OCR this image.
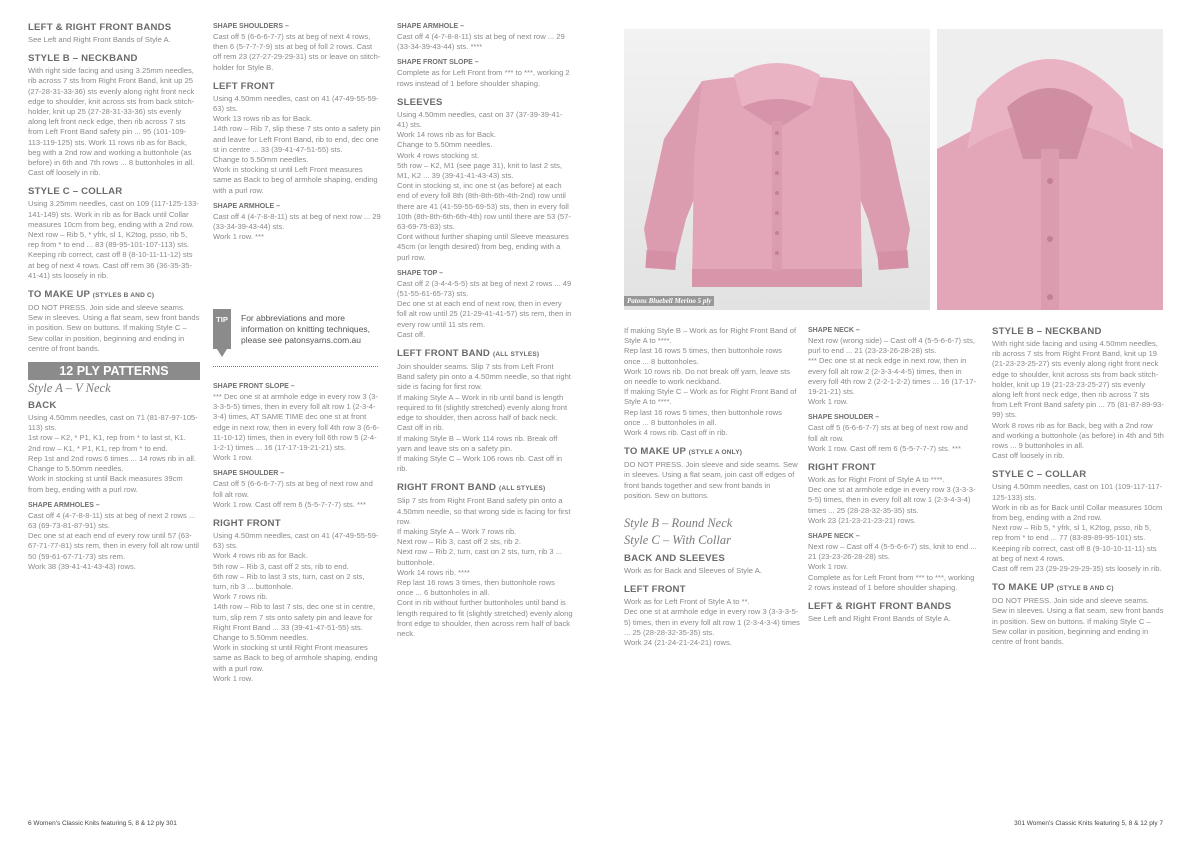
LEFT & RIGHT FRONT BANDS

See Left and Right Front Bands of Style A.

STYLE B – NECKBAND

With right side facing and using 3.25mm needles, rib across 7 sts from Right Front Band, knit up 25 (27-28-31-33-36) sts evenly along right front neck edge to shoulder, knit across sts from back stitch-holder, knit up 25 (27-28-31-33-36) sts evenly along left front neck edge, then rib across 7 sts from Left Front Band safety pin ... 95 (101-109-113-119-125) sts. Work 11 rows rib as for Back, beg with a 2nd row and working a buttonhole (as before) in 6th and 7th rows ... 8 buttonholes in all. Cast off loosely in rib.

STYLE C – COLLAR

Using 3.25mm needles, cast on 109 (117-125-133-141-149) sts. Work in rib as for Back until Collar measures 10cm from beg, ending with a 2nd row. Next row – Rib 5, * yfrk, sl 1, K2tog, psso, rib 5, rep from * to end ... 83 (89-95-101-107-113) sts. Keeping rib correct, cast off 8 (8-10-11-11-12) sts at beg of next 4 rows. Cast off rem 36 (36-35-35-41-41) sts loosely in rib.

TO MAKE UP (STYLES B AND C)

DO NOT PRESS. Join side and sleeve seams. Sew in sleeves. Using a flat seam, sew front bands in position. Sew on buttons. If making Style C – Sew collar in position, beginning and ending in centre of front bands.

12 PLY PATTERNS
Style A – V Neck
BACK

Using 4.50mm needles, cast on 71 (81-87-97-105-113) sts.
1st row – K2, * P1, K1, rep from * to last st, K1.
2nd row – K1, * P1, K1, rep from * to end.
Rep 1st and 2nd rows 6 times ... 14 rows rib in all.
Change to 5.50mm needles.
Work in stocking st until Back measures 39cm from beg, ending with a purl row.

SHAPE ARMHOLES –

Cast off 4 (4-7-8-8-11) sts at beg of next 2 rows ... 63 (69-73-81-87-91) sts.
Dec one st at each end of every row until 57 (63-67-71-77-81) sts rem, then in every foll alt row until 50 (59-61-67-71-73) sts rem.
Work 38 (39-41-41-43-43) rows.

SHAPE SHOULDERS –

Cast off 5 (6-6-6-7-7) sts at beg of next 4 rows, then 6 (5-7-7-7-9) sts at beg of foll 2 rows. Cast off rem 23 (27-27-29-29-31) sts or leave on stitch-holder for Style B.

LEFT FRONT

Using 4.50mm needles, cast on 41 (47-49-55-59-63) sts.
Work 13 rows rib as for Back.
14th row – Rib 7, slip these 7 sts onto a safety pin and leave for Left Front Band, rib to end, dec one st in centre ... 33 (39-41-47-51-55) sts.
Change to 5.50mm needles.
Work in stocking st until Left Front measures same as Back to beg of armhole shaping, ending with a purl row.

SHAPE ARMHOLE –

Cast off 4 (4-7-8-8-11) sts at beg of next row ... 29 (33-34-39-43-44) sts.
Work 1 row. ***

TIP	For abbreviations and more information on knitting techniques, please see patonsyarns.com.au
SHAPE FRONT SLOPE –

*** Dec one st at armhole edge in every row 3 (3-3-3-5-5) times, then in every foll alt row 1 (2-3-4-3-4) times, AT SAME TIME dec one st at front edge in next row, then in every foll 4th row 3 (6-6-11-10-12) times, then in every foll 6th row 5 (2-4-1-2-1) times ... 16 (17-17-19-21-21) sts.
Work 1 row.

SHAPE SHOULDER –

Cast off 5 (6-6-6-7-7) sts at beg of next row and foll alt row.
Work 1 row. Cast off rem 6 (5-5-7-7-7) sts. ***

RIGHT FRONT

Using 4.50mm needles, cast on 41 (47-49-55-59-63) sts.
Work 4 rows rib as for Back.
5th row – Rib 3, cast off 2 sts, rib to end.
6th row – Rib to last 3 sts, turn, cast on 2 sts, turn, rib 3 ... buttonhole.
Work 7 rows rib.
14th row – Rib to last 7 sts, dec one st in centre, turn, slip rem 7 sts onto safety pin and leave for Right Front Band ... 33 (39-41-47-51-55) sts.
Change to 5.50mm needles.
Work in stocking st until Right Front measures same as Back to beg of armhole shaping, ending with a purl row.
Work 1 row.

SHAPE ARMHOLE –

Cast off 4 (4-7-8-8-11) sts at beg of next row ... 29 (33-34-39-43-44) sts. ****

SHAPE FRONT SLOPE –

Complete as for Left Front from *** to ***, working 2 rows instead of 1 before shoulder shaping.

SLEEVES

Using 4.50mm needles, cast on 37 (37-39-39-41-41) sts.
Work 14 rows rib as for Back.
Change to 5.50mm needles.
Work 4 rows stocking st.
5th row – K2, M1 (see page 31), knit to last 2 sts, M1, K2 ... 39 (39-41-41-43-43) sts.
Cont in stocking st, inc one st (as before) at each end of every foll 8th (8th-8th-6th-4th-2nd) row until there are 41 (41-59-55-69-53) sts, then in every foll 10th (8th-8th-6th-6th-4th) row until there are 53 (57-63-69-75-83) sts.
Cont without further shaping until Sleeve measures 45cm (or length desired) from beg, ending with a purl row.

SHAPE TOP –

Cast off 2 (3-4-4-5-5) sts at beg of next 2 rows ... 49 (51-55-61-65-73) sts.
Dec one st at each end of next row, then in every foll alt row until 25 (21-29-41-41-57) sts rem, then in every row until 11 sts rem.
Cast off.

LEFT FRONT BAND (ALL STYLES)

Join shoulder seams. Slip 7 sts from Left Front Band safety pin onto a 4.50mm needle, so that right side is facing for first row.
If making Style A – Work in rib until band is length required to fit (slightly stretched) evenly along front edge to shoulder, then across half of back neck. Cast off in rib.
If making Style B – Work 114 rows rib. Break off yarn and leave sts on a safety pin.
If making Style C – Work 106 rows rib. Cast off in rib.

RIGHT FRONT BAND (ALL STYLES)

Slip 7 sts from Right Front Band safety pin onto a 4.50mm needle, so that wrong side is facing for first row.
If making Style A – Work 7 rows rib.
Next row – Rib 3, cast off 2 sts, rib 2.
Next row – Rib 2, turn, cast on 2 sts, turn, rib 3 ... buttonhole.
Work 14 rows rib. ****
Rep last 16 rows 3 times, then buttonhole rows once ... 6 buttonholes in all.
Cont in rib without further buttonholes until band is length required to fit (slightly stretched) evenly along front edge to shoulder, then across rem half of back neck.

Patons Bluebell Merino 5 ply

If making Style B – Work as for Right Front Band of Style A to ****.
Rep last 16 rows 5 times, then buttonhole rows once ... 8 buttonholes.
Work 10 rows rib. Do not break off yarn, leave sts on needle to work neckband.
If making Style C – Work as for Right Front Band of Style A to ****.
Rep last 16 rows 5 times, then buttonhole rows once ... 8 buttonholes in all.
Work 4 rows rib. Cast off in rib.

TO MAKE UP (STYLE A ONLY)

DO NOT PRESS. Join sleeve and side seams. Sew in sleeves. Using a flat seam, join cast off edges of front bands together and sew front bands in position. Sew on buttons.

Style B – Round Neck
Style C – With Collar
BACK AND SLEEVES

Work as for Back and Sleeves of Style A.

LEFT FRONT

Work as for Left Front of Style A to **.
Dec one st at armhole edge in every row 3 (3-3-3-5-5) times, then in every foll alt row 1 (2-3-4-3-4) times ... 25 (28-28-32-35-35) sts.
Work 24 (21-24-21-24-21) rows.

SHAPE NECK –

Next row (wrong side) – Cast off 4 (5-5-6-6-7) sts, purl to end ... 21 (23-23-26-28-28) sts.
*** Dec one st at neck edge in next row, then in every foll alt row 2 (2-3-3-4-4-5) times, then in every foll 4th row 2 (2-2-1-2-2) times ... 16 (17-17-19-21-21) sts.
Work 1 row.

SHAPE SHOULDER –

Cast off 5 (6-6-6-7-7) sts at beg of next row and foll alt row.
Work 1 row. Cast off rem 6 (5-5-7-7-7) sts. ***

RIGHT FRONT

Work as for Right Front of Style A to ****.
Dec one st at armhole edge in every row 3 (3-3-3-5-5) times, then in every foll alt row 1 (2-3-4-3-4) times ... 25 (28-28-32-35-35) sts.
Work 23 (21-23-21-23-21) rows.

SHAPE NECK –

Next row – Cast off 4 (5-5-6-6-7) sts, knit to end ... 21 (23-23-26-28-28) sts.
Work 1 row.
Complete as for Left Front from *** to ***, working 2 rows instead of 1 before shoulder shaping.

LEFT & RIGHT FRONT BANDS

See Left and Right Front Bands of Style A.

STYLE B – NECKBAND

With right side facing and using 4.50mm needles, rib across 7 sts from Right Front Band, knit up 19 (21-23-23-25-27) sts evenly along right front neck edge to shoulder, knit across sts from back stitch-holder, knit up 19 (21-23-23-25-27) sts evenly along left front neck edge, then rib across 7 sts from Left Front Band safety pin ... 75 (81-87-89-93-99) sts.
Work 8 rows rib as for Back, beg with a 2nd row and working a buttonhole (as before) in 4th and 5th rows ... 9 buttonholes in all.
Cast off loosely in rib.

STYLE C – COLLAR

Using 4.50mm needles, cast on 101 (109-117-117-125-133) sts.
Work in rib as for Back until Collar measures 10cm from beg, ending with a 2nd row.
Next row – Rib 5, * yfrk, sl 1, K2tog, psso, rib 5, rep from * to end ... 77 (83-89-89-95-101) sts.
Keeping rib correct, cast off 8 (9-10-10-11-11) sts at beg of next 4 rows.
Cast off rem 23 (29-29-29-29-35) sts loosely in rib.

TO MAKE UP (STYLE B AND C)

DO NOT PRESS. Join side and sleeve seams. Sew in sleeves. Using a flat seam, sew front bands in position. Sew on buttons. If making Style C – Sew collar in position, beginning and ending in centre of front bands.

6 Women's Classic Knits featuring 5, 8 & 12 ply 301	301 Women's Classic Knits featuring 5, 8 & 12 ply 7
